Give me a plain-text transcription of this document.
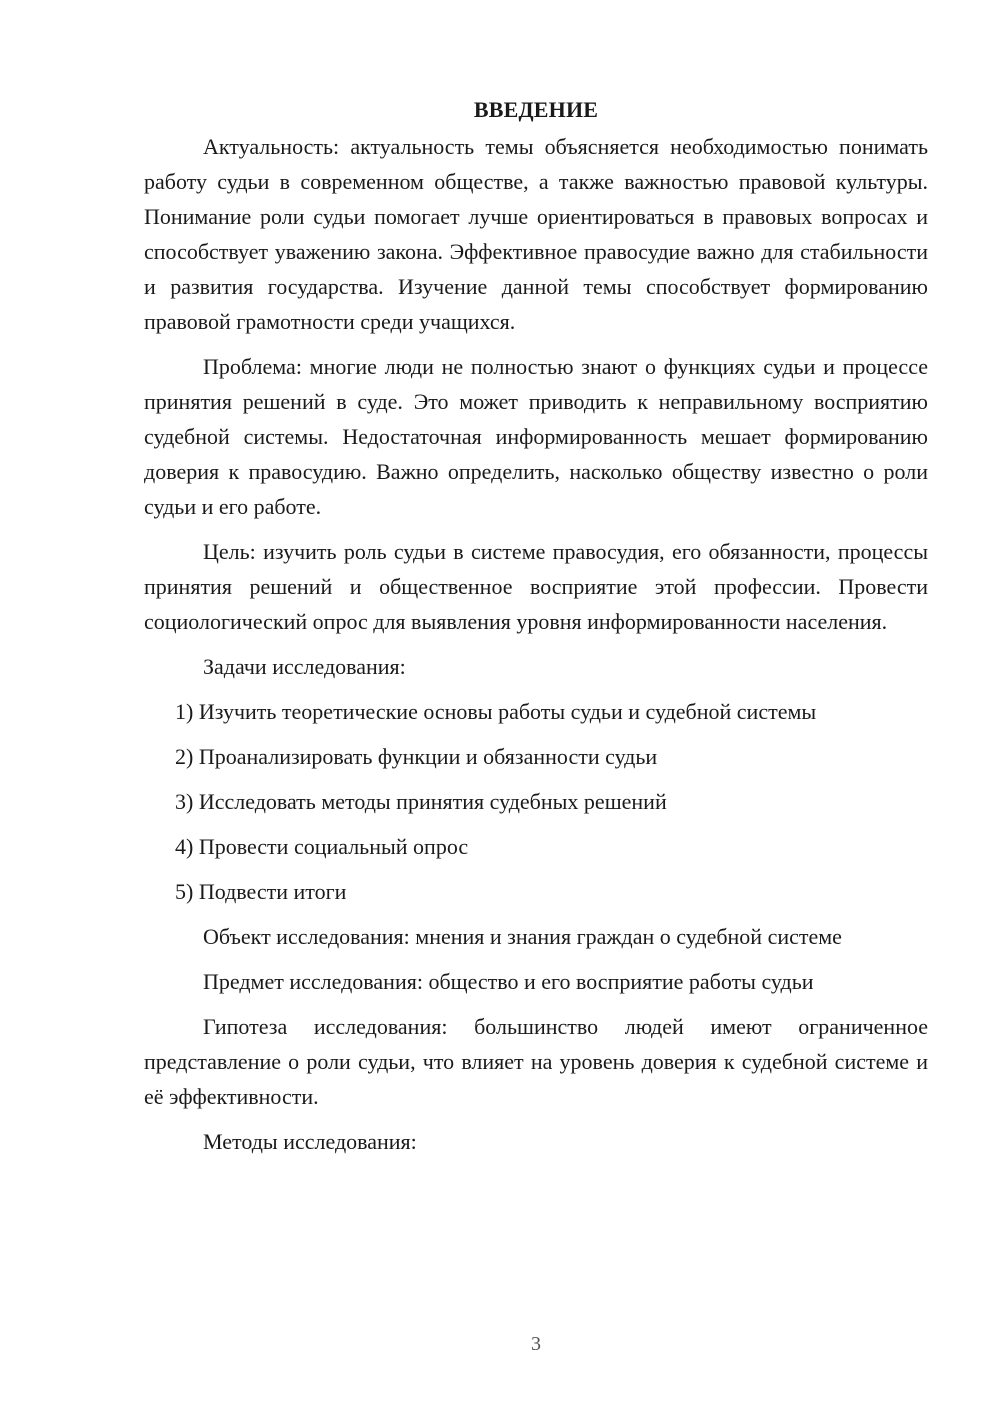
ВВЕДЕНИЕ

Актуальность: актуальность темы объясняется необходимостью понимать работу судьи в современном обществе, а также важностью правовой культуры. Понимание роли судьи помогает лучше ориентироваться в правовых вопросах и способствует уважению закона. Эффективное правосудие важно для стабильности и развития государства. Изучение данной темы способствует формированию правовой грамотности среди учащихся.

Проблема: многие люди не полностью знают о функциях судьи и процессе принятия решений в суде. Это может приводить к неправильному восприятию судебной системы. Недостаточная информированность мешает формированию доверия к правосудию. Важно определить, насколько обществу известно о роли судьи и его работе.

Цель: изучить роль судьи в системе правосудия, его обязанности, процессы принятия решений и общественное восприятие этой профессии. Провести социологический опрос для выявления уровня информированности населения.

Задачи исследования:
1) Изучить теоретические основы работы судьи и судебной системы
2) Проанализировать функции и обязанности судьи
3) Исследовать методы принятия судебных решений
4) Провести социальный опрос
5) Подвести итоги
Объект исследования: мнения и знания граждан о судебной системе
Предмет исследования: общество и его восприятие работы судьи

Гипотеза исследования: большинство людей имеют ограниченное представление о роли судьи, что влияет на уровень доверия к судебной системе и её эффективности.

Методы исследования:
3
